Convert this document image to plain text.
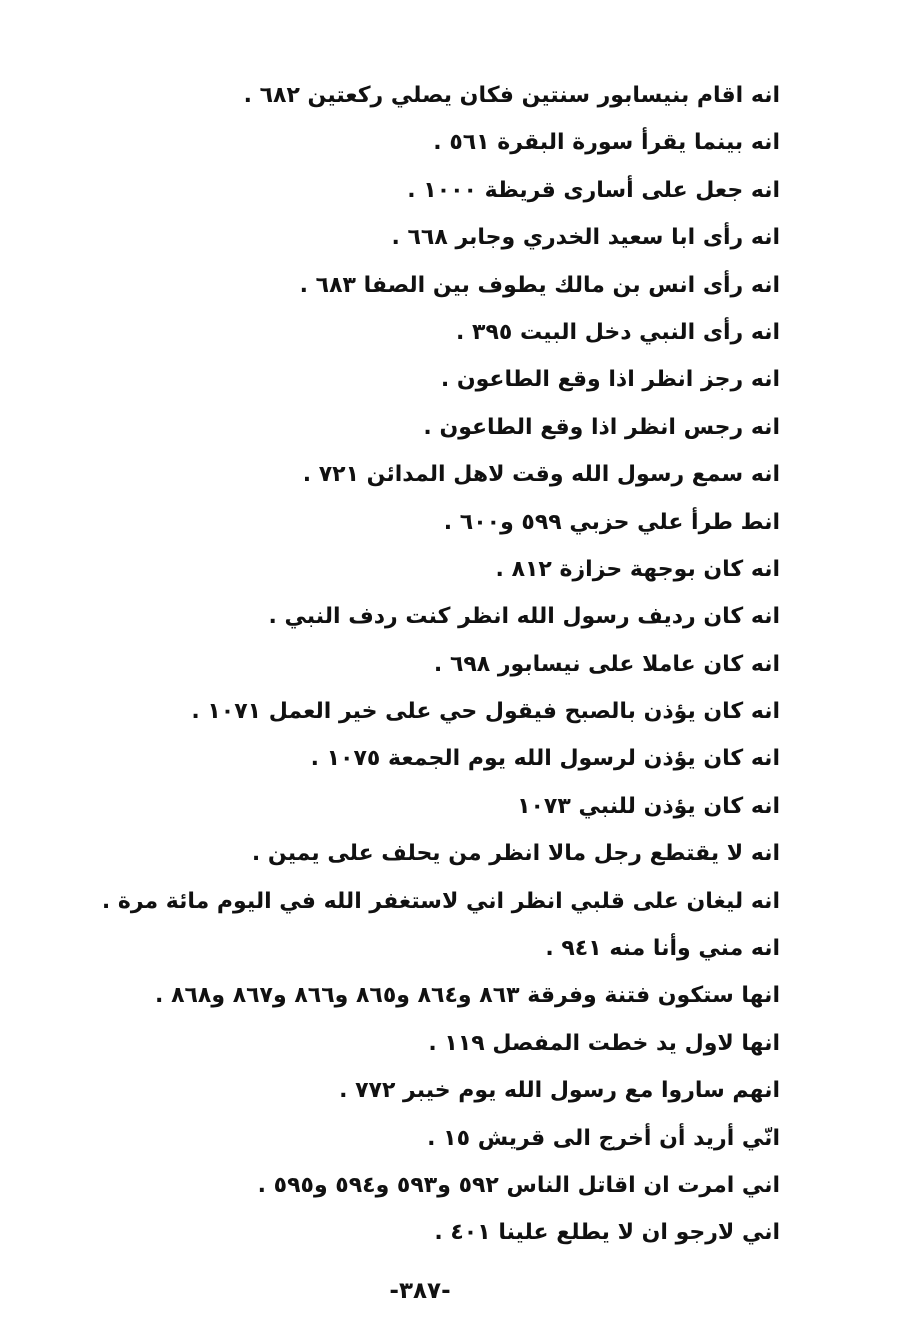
انه اقام بنيسابور سنتين فكان يصلي ركعتين ٦٨٢ .
انه بينما يقرأ سورة البقرة ٥٦١ .
انه جعل على أسارى قريظة ١٠٠٠ .
انه رأى ابا سعيد الخدري وجابر ٦٦٨ .
انه رأى انس بن مالك يطوف بين الصفا ٦٨٣ .
انه رأى النبي دخل البيت ٣٩٥ .
انه رجز انظر اذا وقع الطاعون .
انه رجس انظر اذا وقع الطاعون .
انه سمع رسول الله وقت لاهل المدائن ٧٢١ .
انط طرأ علي حزبي ٥٩٩ و٦٠٠ .
انه كان بوجهة حزازة ٨١٢ .
انه كان رديف رسول الله انظر كنت ردف النبي .
انه كان عاملا على نيسابور ٦٩٨ .
انه كان يؤذن بالصبح فيقول حي على خير العمل ١٠٧١ .
انه كان يؤذن لرسول الله يوم الجمعة ١٠٧٥ .
انه كان يؤذن للنبي ١٠٧٣
انه لا يقتطع رجل مالا انظر من يحلف على يمين .
انه ليغان على قلبي انظر اني لاستغفر الله في اليوم مائة مرة .
انه مني وأنا منه ٩٤١ .
انها ستكون فتنة وفرقة ٨٦٣ و٨٦٤ و٨٦٥ و٨٦٦ و٨٦٧ و٨٦٨ .
انها لاول يد خطت المفصل ١١٩ .
انهم ساروا مع رسول الله يوم خيبر ٧٧٢ .
انّي أريد أن أخرج الى قريش ١٥ .
اني امرت ان اقاتل الناس ٥٩٢ و٥٩٣ و٥٩٤ و٥٩٥ .
اني لارجو ان لا يطلع علينا ٤٠١ .
-٣٨٧-
